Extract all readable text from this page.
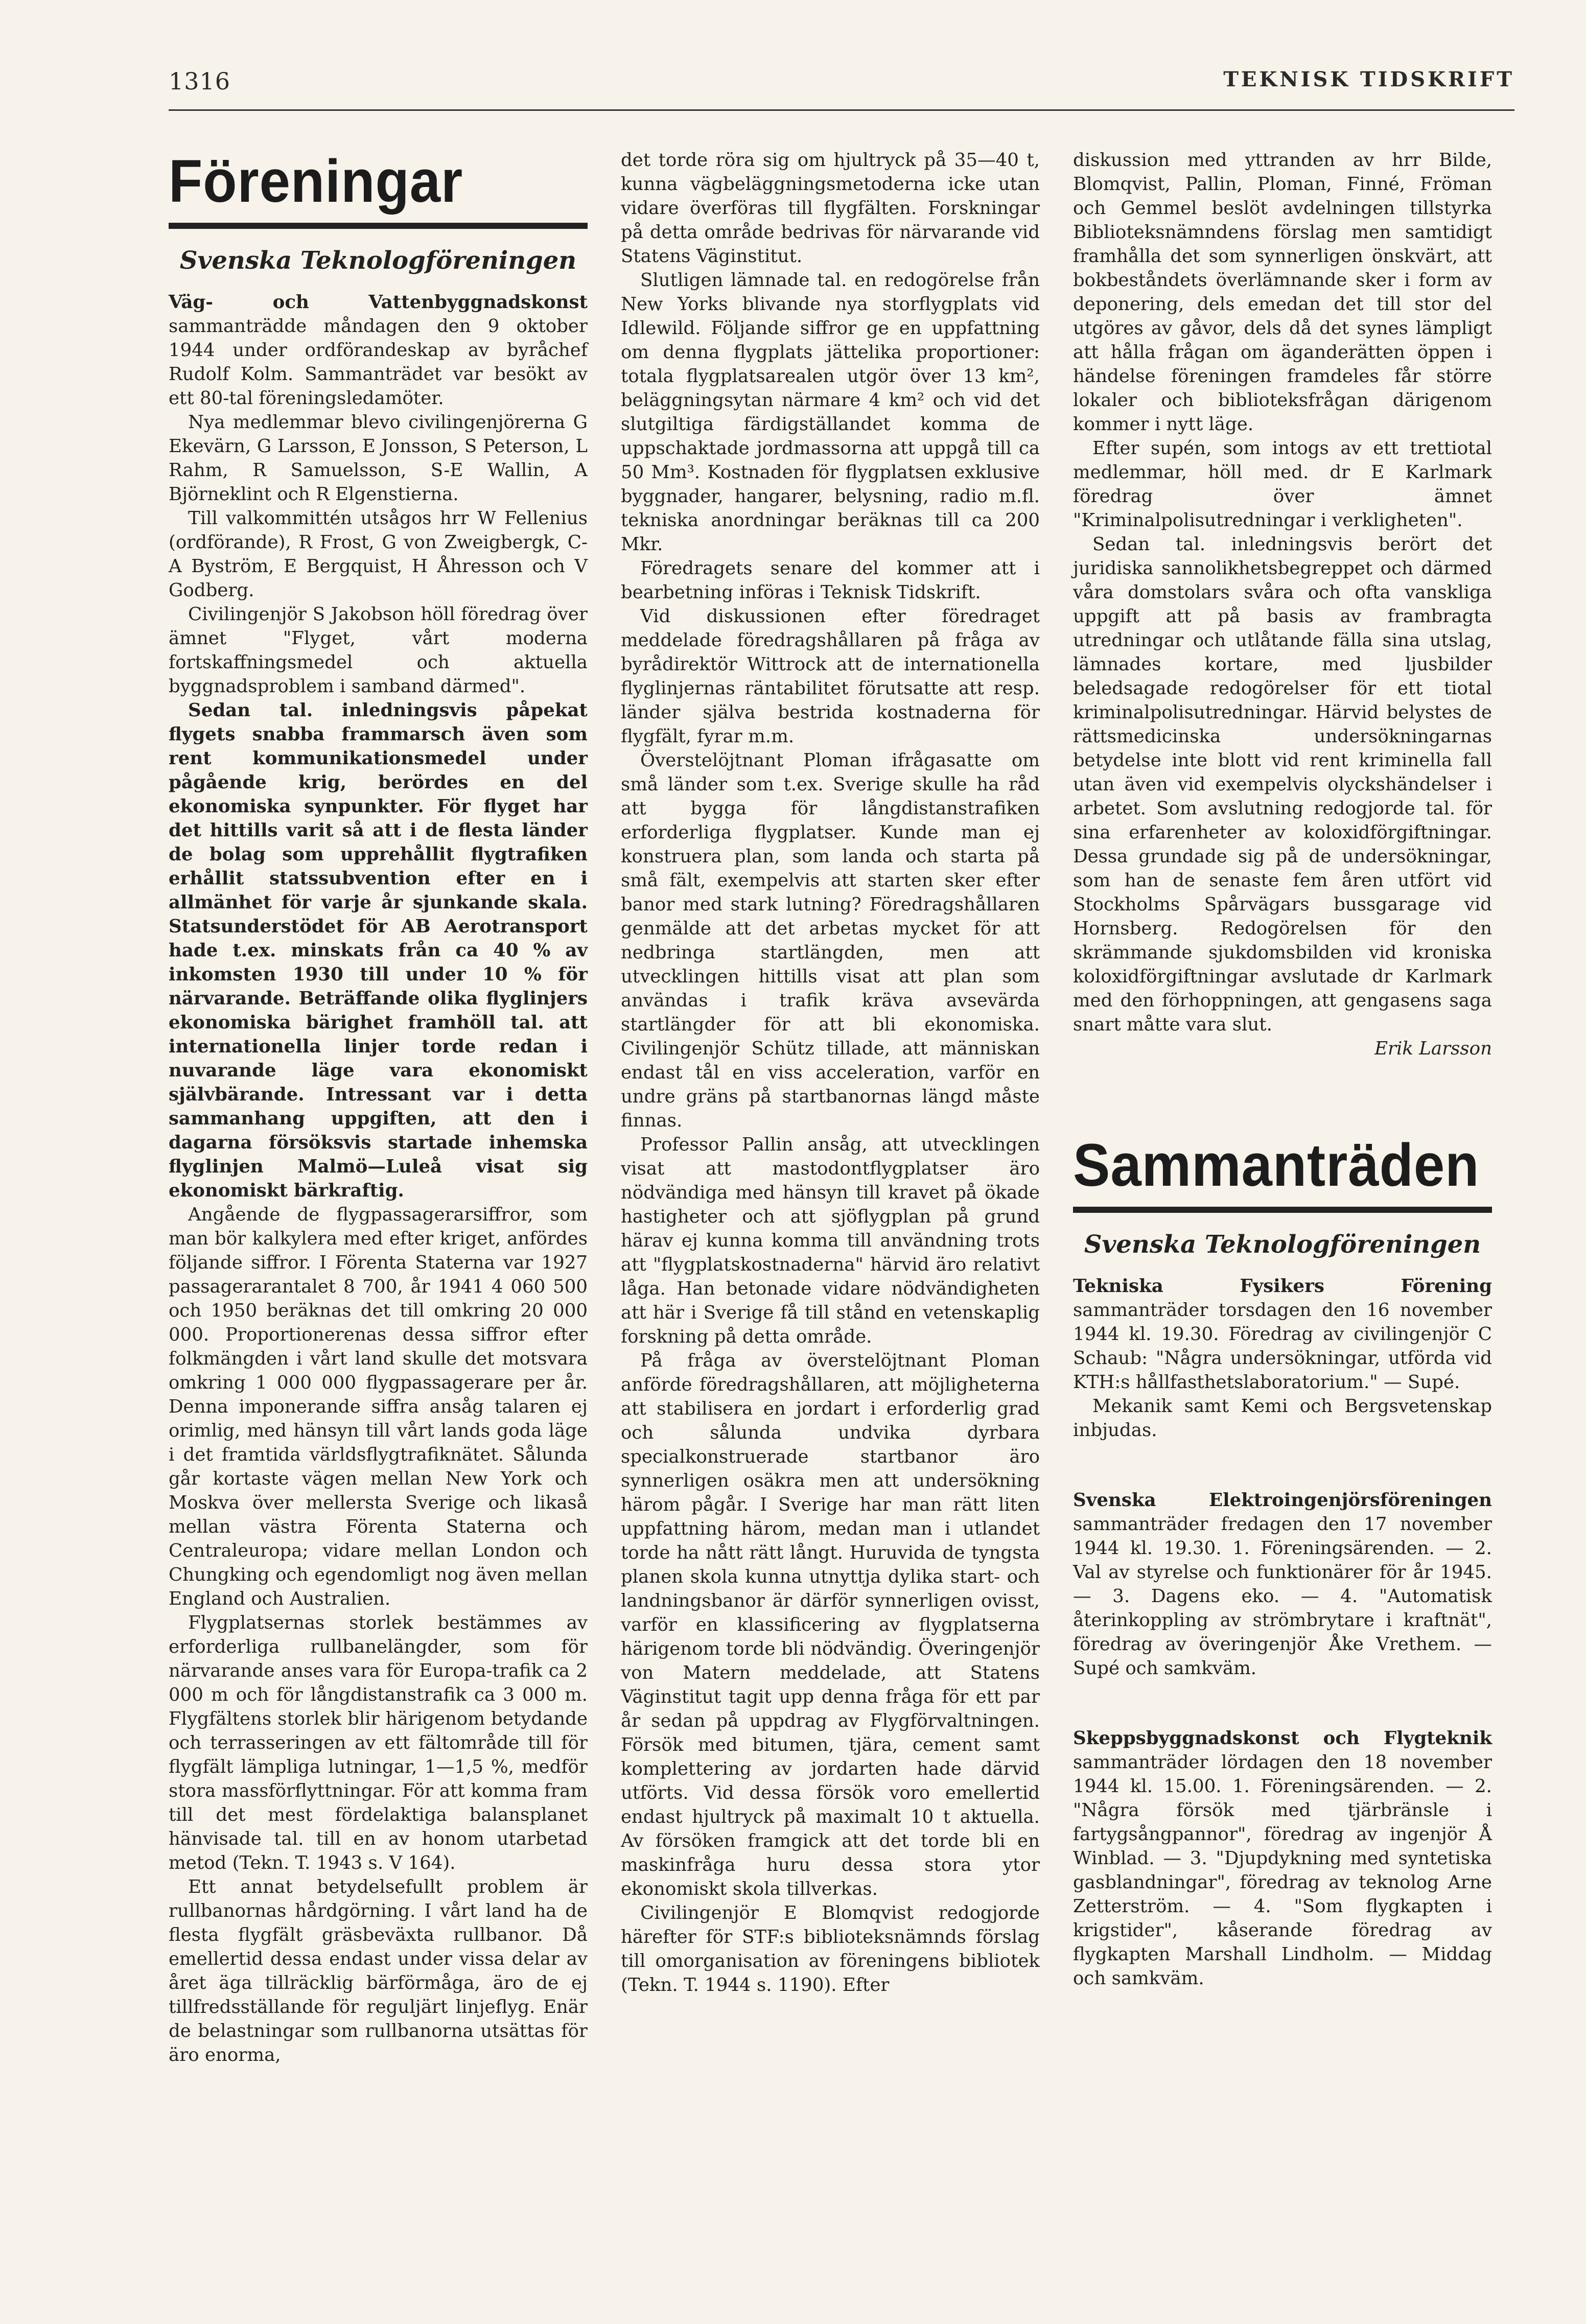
1316	TEKNISK TIDSKRIFT
Föreningar
Svenska Teknologföreningen

Väg- och Vattenbyggnadskonst sammanträdde måndagen den 9 oktober 1944 under ordförandeskap av byråchef Rudolf Kolm. Sammanträdet var besökt av ett 80-tal föreningsledamöter.

Nya medlemmar blevo civilingenjörerna G Ekevärn, G Larsson, E Jonsson, S Peterson, L Rahm, R Samuelsson, S-E Wallin, A Björneklint och R Elgenstierna.

Till valkommittén utsågos hrr W Fellenius (ordförande), R Frost, G von Zweigbergk, C-A Byström, E Bergquist, H Åhresson och V Godberg.

Civilingenjör S Jakobson höll föredrag över ämnet "Flyget, vårt moderna fortskaffningsmedel och aktuella byggnadsproblem i samband därmed".

Sedan tal. inledningsvis påpekat flygets snabba frammarsch även som rent kommunikationsmedel under pågående krig, berördes en del ekonomiska synpunkter. För flyget har det hittills varit så att i de flesta länder de bolag som upprehållit flygtrafiken erhållit statssubvention efter en i allmänhet för varje år sjunkande skala. Statsunderstödet för AB Aerotransport hade t.ex. minskats från ca 40 % av inkomsten 1930 till under 10 % för närvarande. Beträffande olika flyglinjers ekonomiska bärighet framhöll tal. att internationella linjer torde redan i nuvarande läge vara ekonomiskt självbärande. Intressant var i detta sammanhang uppgiften, att den i dagarna försöksvis startade inhemska flyglinjen Malmö—Luleå visat sig ekonomiskt bärkraftig.

Angående de flygpassagerarsiffror, som man bör kalkylera med efter kriget, anfördes följande siffror. I Förenta Staterna var 1927 passagerarantalet 8 700, år 1941 4 060 500 och 1950 beräknas det till omkring 20 000 000. Proportionerenas dessa siffror efter folkmängden i vårt land skulle det motsvara omkring 1 000 000 flygpassagerare per år. Denna imponerande siffra ansåg talaren ej orimlig, med hänsyn till vårt lands goda läge i det framtida världsflygtrafiknätet. Sålunda går kortaste vägen mellan New York och Moskva över mellersta Sverige och likaså mellan västra Förenta Staterna och Centraleuropa; vidare mellan London och Chungking och egendomligt nog även mellan England och Australien.

Flygplatsernas storlek bestämmes av erforderliga rullbanelängder, som för närvarande anses vara för Europa-trafik ca 2 000 m och för långdistanstrafik ca 3 000 m. Flygfältens storlek blir härigenom betydande och terrasseringen av ett fältområde till för flygfält lämpliga lutningar, 1—1,5 %, medför stora massförflyttningar. För att komma fram till det mest fördelaktiga balansplanet hänvisade tal. till en av honom utarbetad metod (Tekn. T. 1943 s. V 164).

Ett annat betydelsefullt problem är rullbanornas hårdgörning. I vårt land ha de flesta flygfält gräsbeväxta rullbanor. Då emellertid dessa endast under vissa delar av året äga tillräcklig bärförmåga, äro de ej tillfredsställande för reguljärt linjeflyg. Enär de belastningar som rullbanorna utsättas för äro enorma,

det torde röra sig om hjultryck på 35—40 t, kunna vägbeläggningsmetoderna icke utan vidare överföras till flygfälten. Forskningar på detta område bedrivas för närvarande vid Statens Väginstitut.

Slutligen lämnade tal. en redogörelse från New Yorks blivande nya storflygplats vid Idlewild. Följande siffror ge en uppfattning om denna flygplats jättelika proportioner: totala flygplatsarealen utgör över 13 km², beläggningsytan närmare 4 km² och vid det slutgiltiga färdigställandet komma de uppschaktade jordmassorna att uppgå till ca 50 Mm³. Kostnaden för flygplatsen exklusive byggnader, hangarer, belysning, radio m.fl. tekniska anordningar beräknas till ca 200 Mkr.

Föredragets senare del kommer att i bearbetning införas i Teknisk Tidskrift.

Vid diskussionen efter föredraget meddelade föredragshållaren på fråga av byrådirektör Wittrock att de internationella flyglinjernas räntabilitet förutsatte att resp. länder själva bestrida kostnaderna för flygfält, fyrar m.m.

Överstelöjtnant Ploman ifrågasatte om små länder som t.ex. Sverige skulle ha råd att bygga för långdistanstrafiken erforderliga flygplatser. Kunde man ej konstruera plan, som landa och starta på små fält, exempelvis att starten sker efter banor med stark lutning? Föredragshållaren genmälde att det arbetas mycket för att nedbringa startlängden, men att utvecklingen hittills visat att plan som användas i trafik kräva avsevärda startlängder för att bli ekonomiska. Civilingenjör Schütz tillade, att människan endast tål en viss acceleration, varför en undre gräns på startbanornas längd måste finnas.

Professor Pallin ansåg, att utvecklingen visat att mastodontflygplatser äro nödvändiga med hänsyn till kravet på ökade hastigheter och att sjöflygplan på grund härav ej kunna komma till användning trots att "flygplatskostnaderna" härvid äro relativt låga. Han betonade vidare nödvändigheten att här i Sverige få till stånd en vetenskaplig forskning på detta område.

På fråga av överstelöjtnant Ploman anförde föredragshållaren, att möjligheterna att stabilisera en jordart i erforderlig grad och sålunda undvika dyrbara specialkonstruerade startbanor äro synnerligen osäkra men att undersökning härom pågår. I Sverige har man rätt liten uppfattning härom, medan man i utlandet torde ha nått rätt långt. Huruvida de tyngsta planen skola kunna utnyttja dylika start- och landningsbanor är därför synnerligen ovisst, varför en klassificering av flygplatserna härigenom torde bli nödvändig. Överingenjör von Matern meddelade, att Statens Väginstitut tagit upp denna fråga för ett par år sedan på uppdrag av Flygförvaltningen. Försök med bitumen, tjära, cement samt komplettering av jordarten hade därvid utförts. Vid dessa försök voro emellertid endast hjultryck på maximalt 10 t aktuella. Av försöken framgick att det torde bli en maskinfråga huru dessa stora ytor ekonomiskt skola tillverkas.

Civilingenjör E Blomqvist redogjorde härefter för STF:s biblioteksnämnds förslag till omorganisation av föreningens bibliotek (Tekn. T. 1944 s. 1190). Efter

diskussion med yttranden av hrr Bilde, Blomqvist, Pallin, Ploman, Finné, Fröman och Gemmel beslöt avdelningen tillstyrka Biblioteksnämndens förslag men samtidigt framhålla det som synnerligen önskvärt, att bokbeståndets överlämnande sker i form av deponering, dels emedan det till stor del utgöres av gåvor, dels då det synes lämpligt att hålla frågan om äganderätten öppen i händelse föreningen framdeles får större lokaler och biblioteksfrågan därigenom kommer i nytt läge.

Efter supén, som intogs av ett trettiotal medlemmar, höll med. dr E Karlmark föredrag över ämnet "Kriminalpolisutredningar i verkligheten".

Sedan tal. inledningsvis berört det juridiska sannolikhetsbegreppet och därmed våra domstolars svåra och ofta vanskliga uppgift att på basis av frambragta utredningar och utlåtande fälla sina utslag, lämnades kortare, med ljusbilder beledsagade redogörelser för ett tiotal kriminalpolisutredningar. Härvid belystes de rättsmedicinska undersökningarnas betydelse inte blott vid rent kriminella fall utan även vid exempelvis olyckshändelser i arbetet. Som avslutning redogjorde tal. för sina erfarenheter av koloxidförgiftningar. Dessa grundade sig på de undersökningar, som han de senaste fem åren utfört vid Stockholms Spårvägars bussgarage vid Hornsberg. Redogörelsen för den skrämmande sjukdomsbilden vid kroniska koloxidförgiftningar avslutade dr Karlmark med den förhoppningen, att gengasens saga snart måtte vara slut.

Erik Larsson

Sammanträden
Svenska Teknologföreningen

Tekniska Fysikers Förening sammanträder torsdagen den 16 november 1944 kl. 19.30. Föredrag av civilingenjör C Schaub: "Några undersökningar, utförda vid KTH:s hållfasthetslaboratorium." — Supé.

Mekanik samt Kemi och Bergsvetenskap inbjudas.

Svenska Elektroingenjörsföreningen sammanträder fredagen den 17 november 1944 kl. 19.30. 1. Föreningsärenden. — 2. Val av styrelse och funktionärer för år 1945. — 3. Dagens eko. — 4. "Automatisk återinkoppling av strömbrytare i kraftnät", föredrag av överingenjör Åke Vrethem. — Supé och samkväm.

Skeppsbyggnadskonst och Flygteknik sammanträder lördagen den 18 november 1944 kl. 15.00. 1. Föreningsärenden. — 2. "Några försök med tjärbränsle i fartygsångpannor", föredrag av ingenjör Å Winblad. — 3. "Djupdykning med syntetiska gasblandningar", föredrag av teknolog Arne Zetterström. — 4. "Som flygkapten i krigstider", kåserande föredrag av flygkapten Marshall Lindholm. — Middag och samkväm.
